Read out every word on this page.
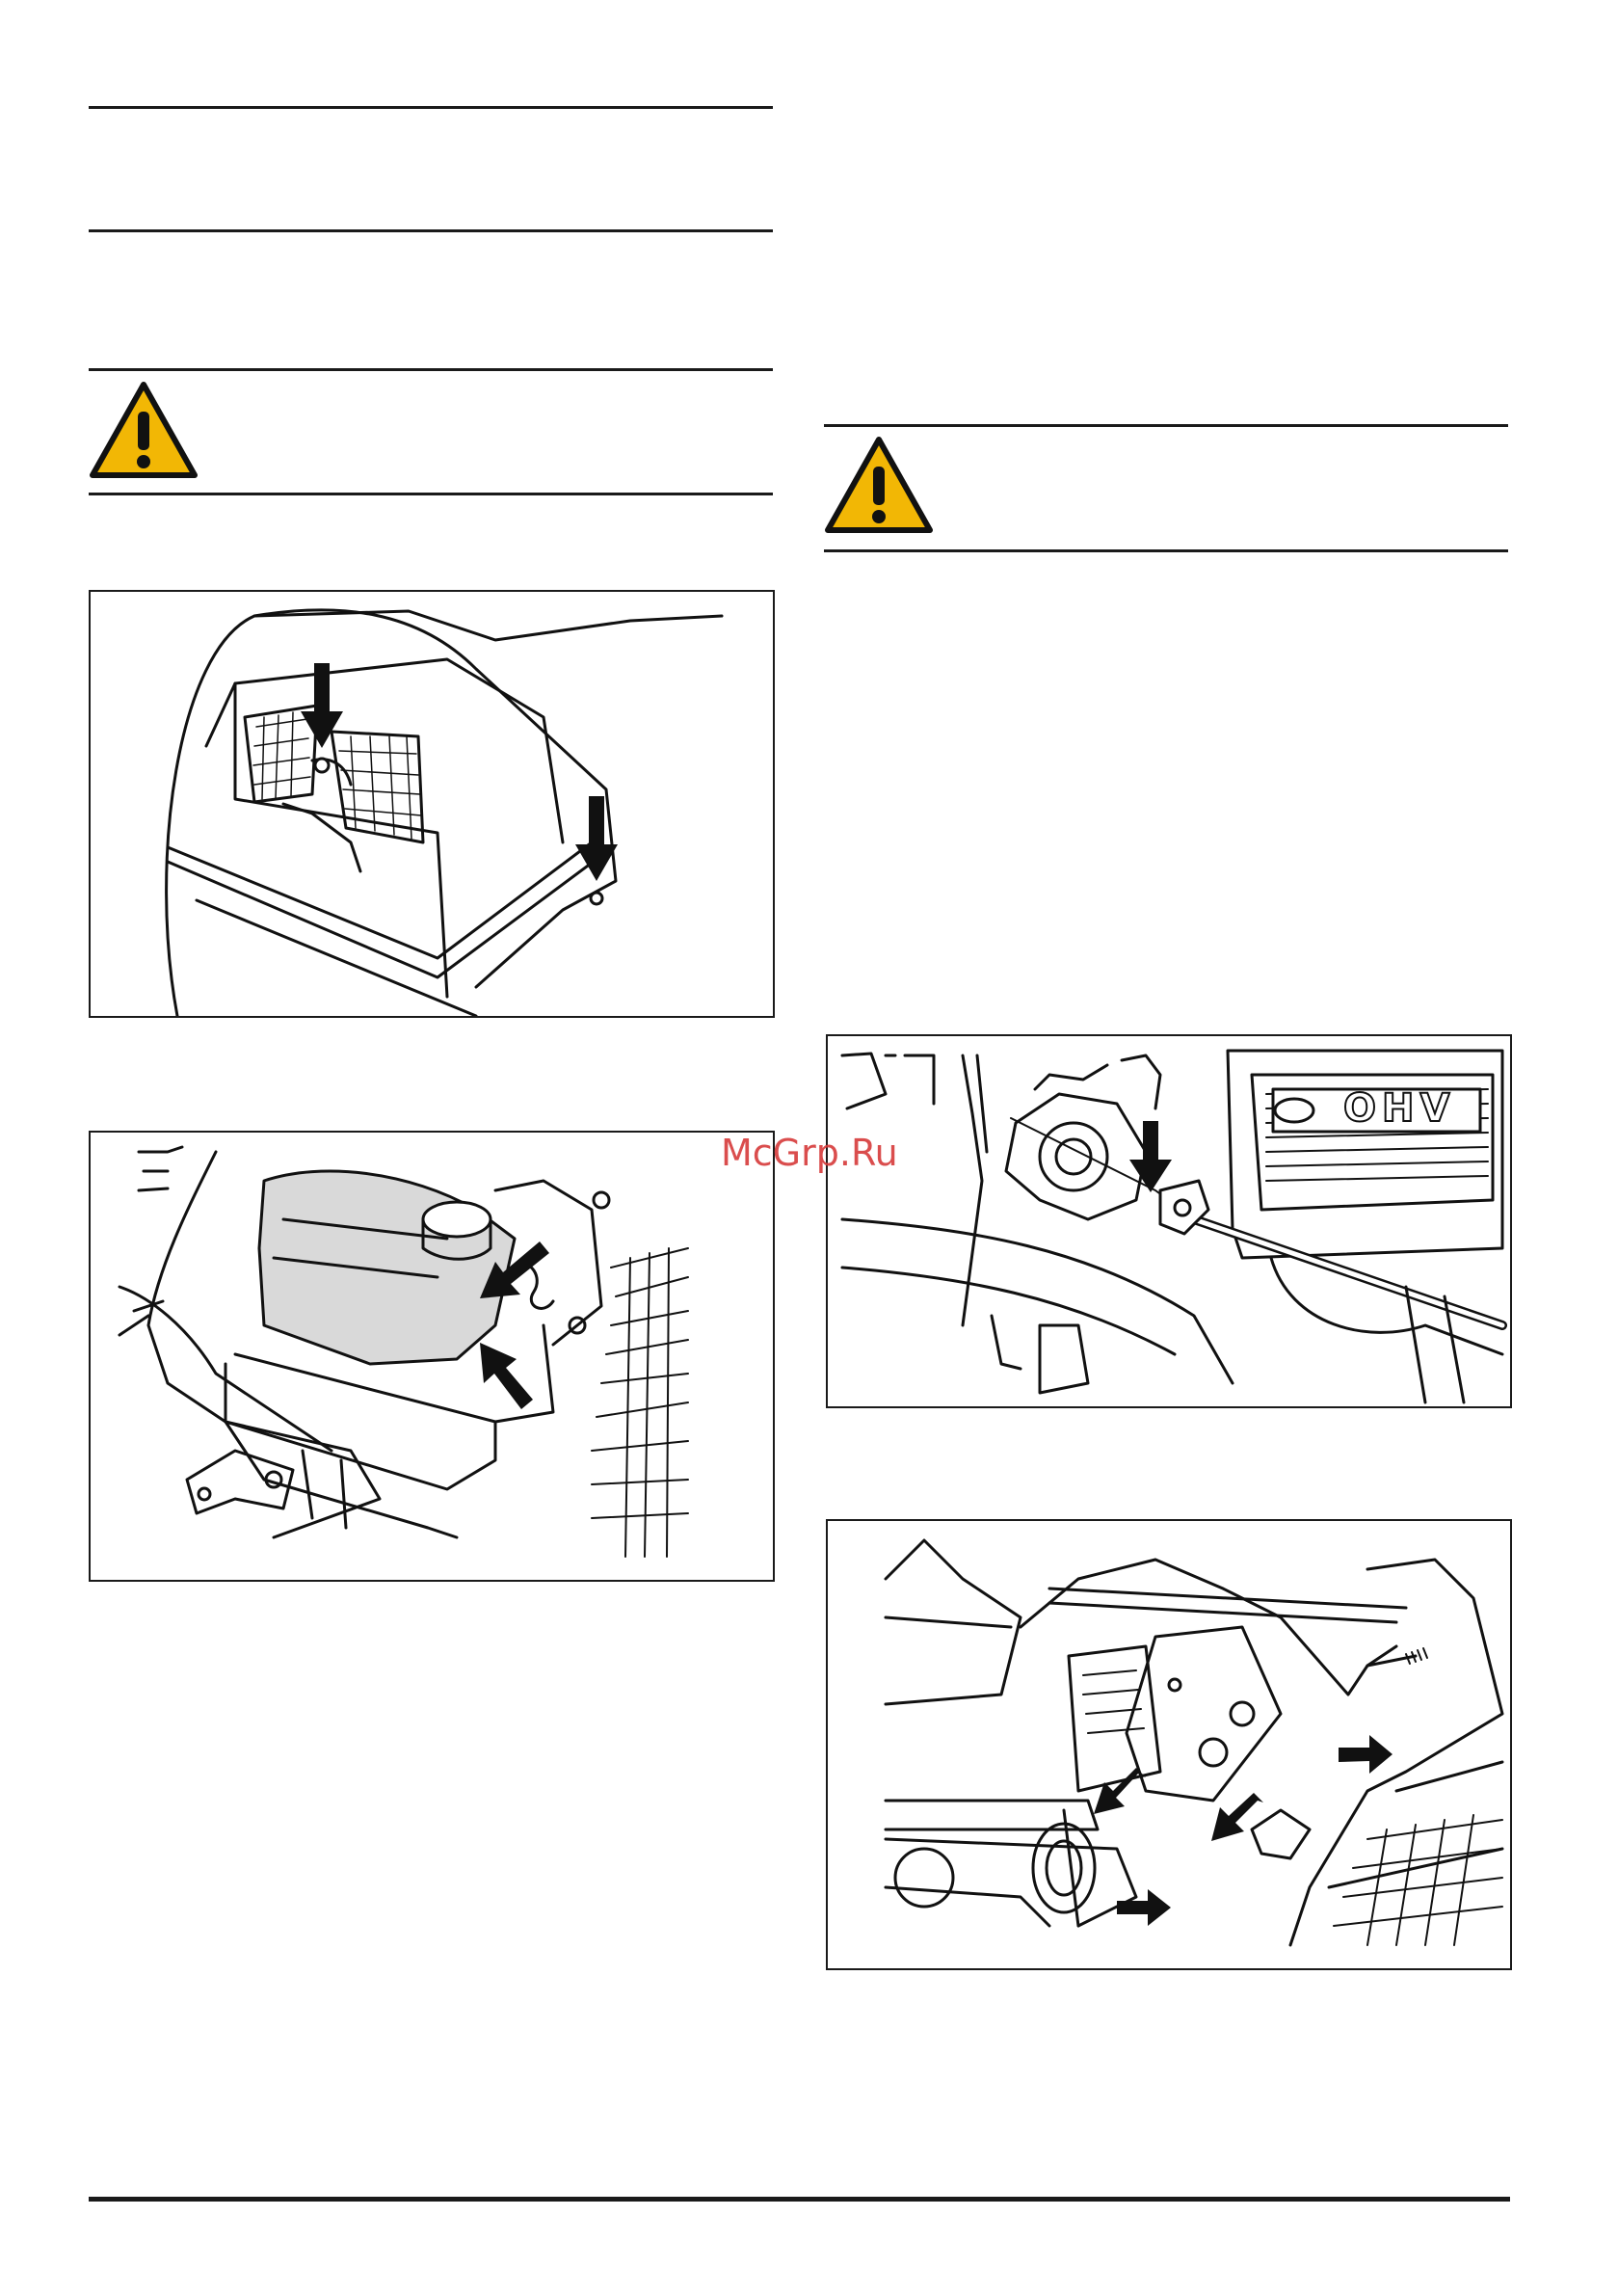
OHV
McGrp.Ru
